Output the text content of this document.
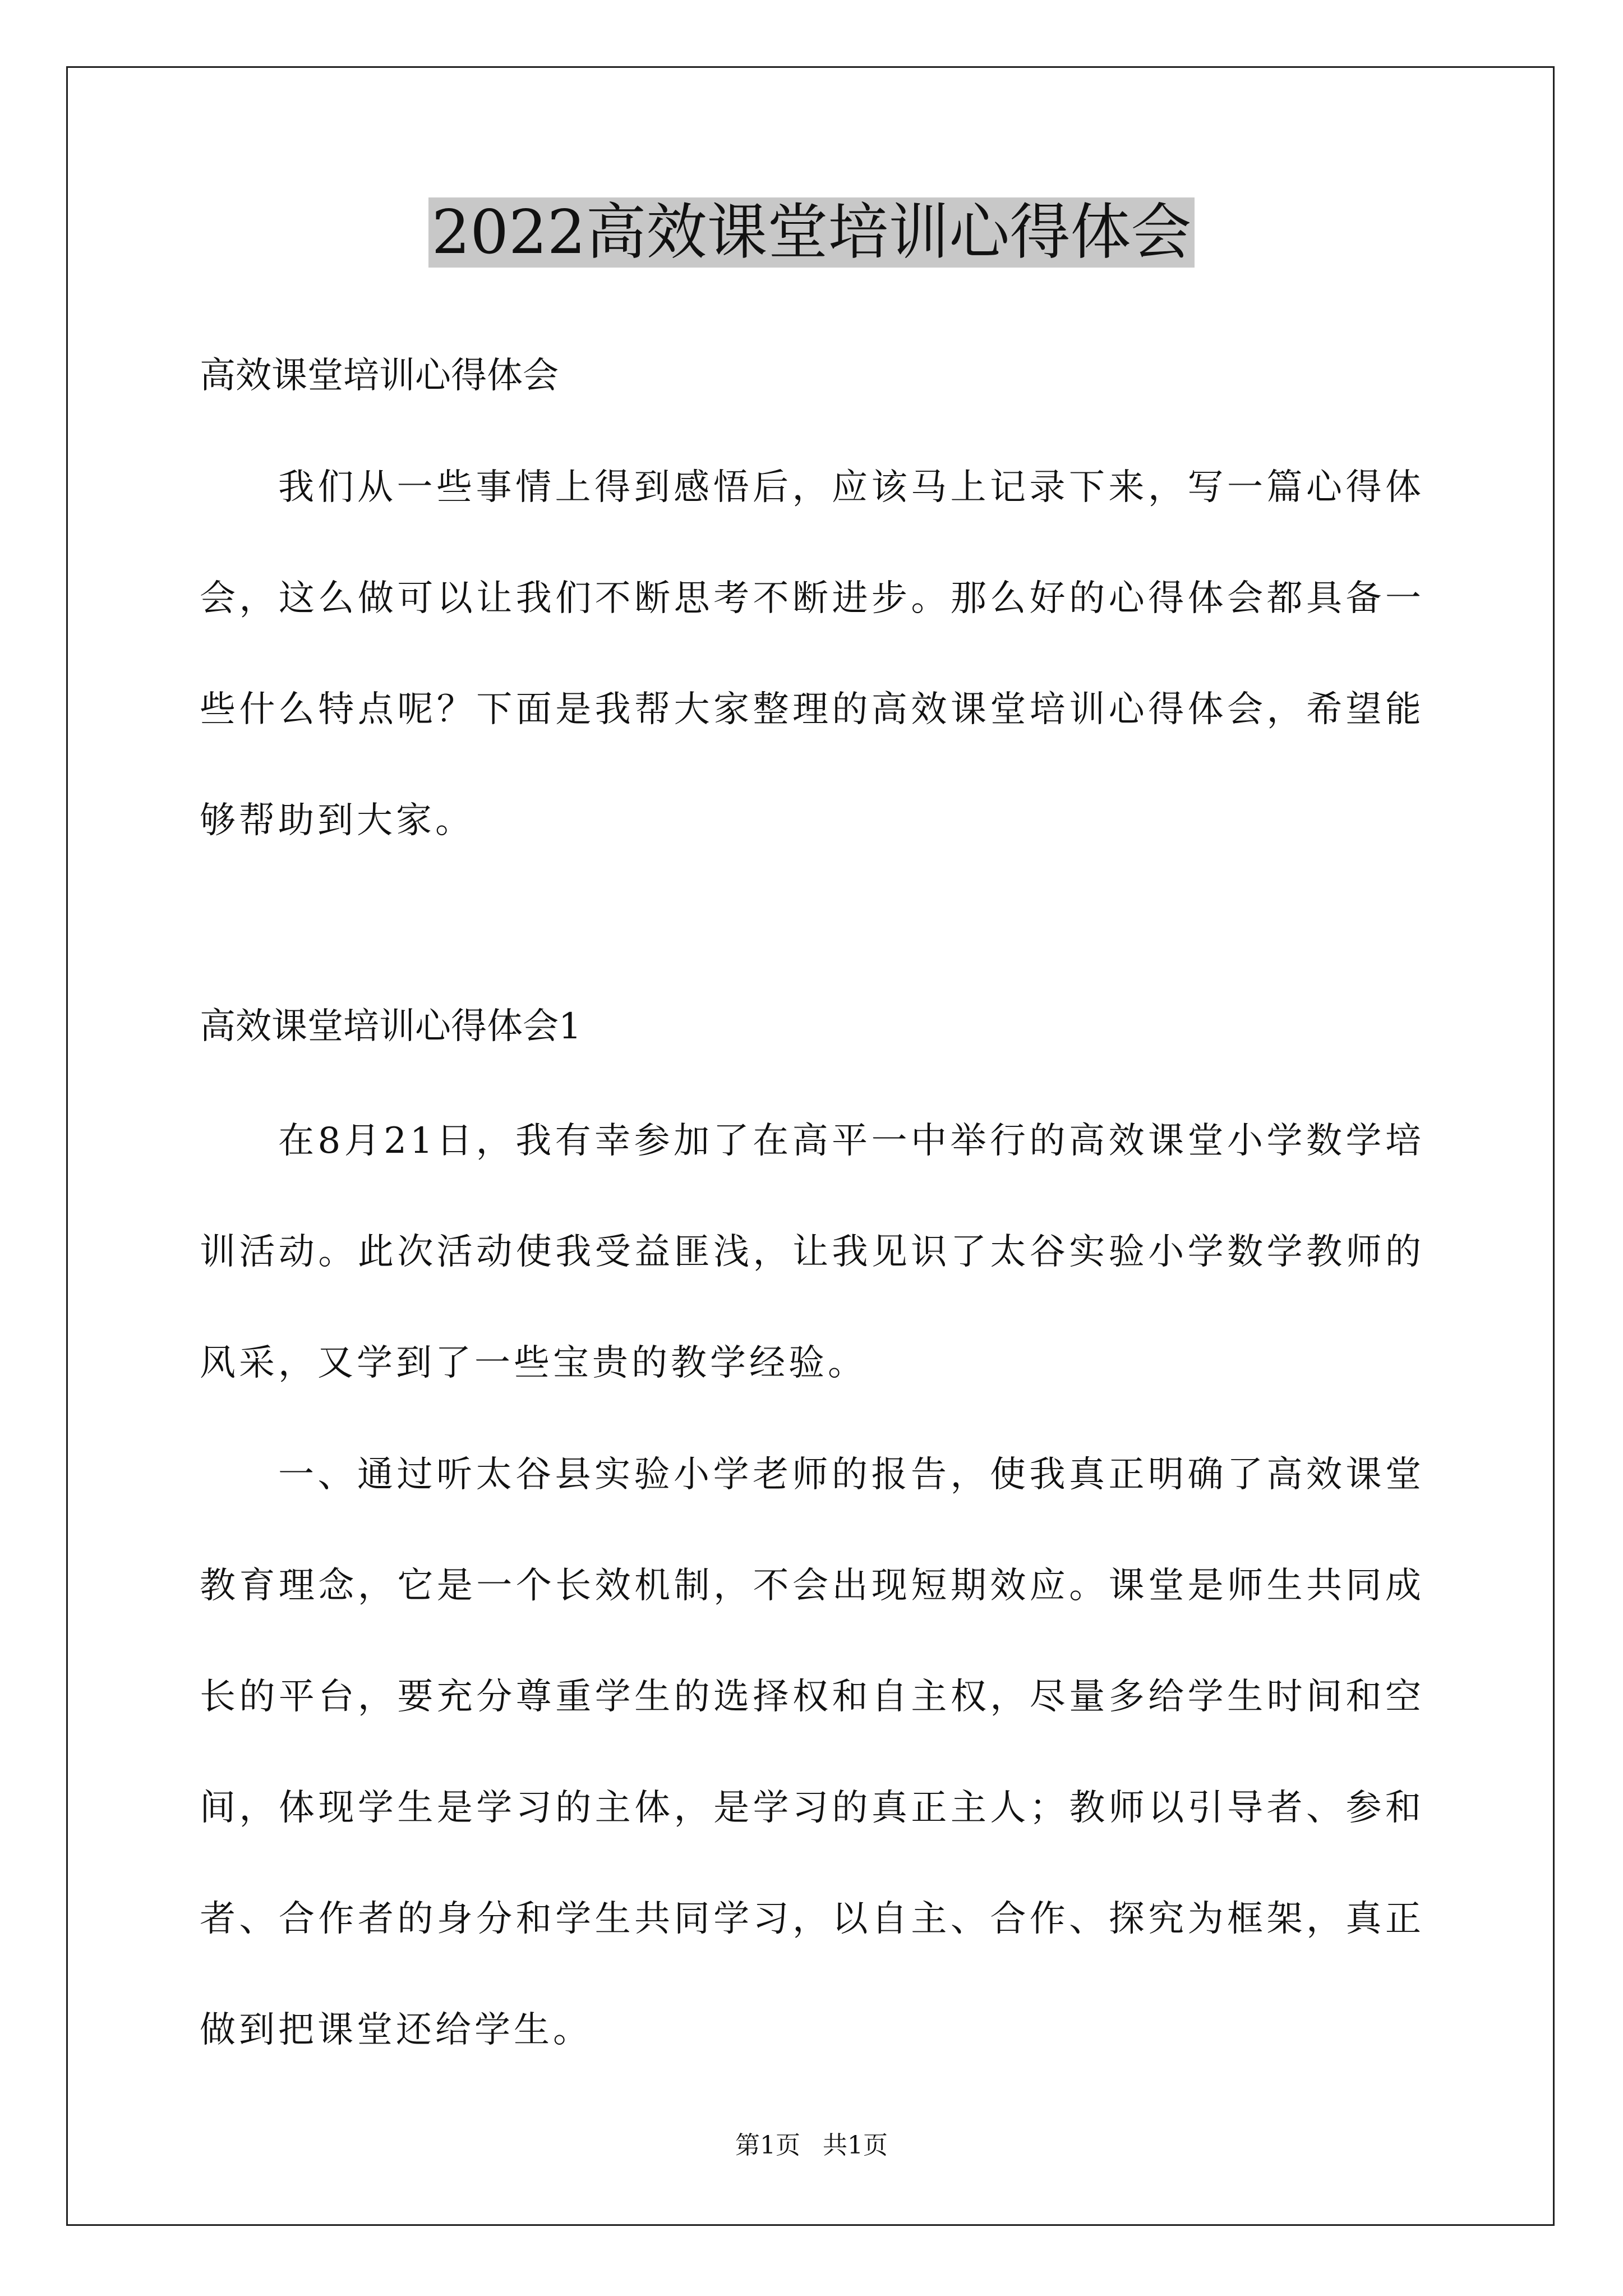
2022高效课堂培训心得体会

高效课堂培训心得体会

我们从一些事情上得到感悟后，应该马上记录下来，写一篇心得体会，这么做可以让我们不断思考不断进步。那么好的心得体会都具备一些什么特点呢？下面是我帮大家整理的高效课堂培训心得体会，希望能够帮助到大家。

高效课堂培训心得体会1

在8月21日，我有幸参加了在高平一中举行的高效课堂小学数学培训活动。此次活动使我受益匪浅，让我见识了太谷实验小学数学教师的风采，又学到了一些宝贵的教学经验。

一、通过听太谷县实验小学老师的报告，使我真正明确了高效课堂教育理念，它是一个长效机制，不会出现短期效应。课堂是师生共同成长的平台，要充分尊重学生的选择权和自主权，尽量多给学生时间和空间，体现学生是学习的主体，是学习的真正主人；教师以引导者、参和者、合作者的身分和学生共同学习，以自主、合作、探究为框架，真正做到把课堂还给学生。

第1页 共1页
